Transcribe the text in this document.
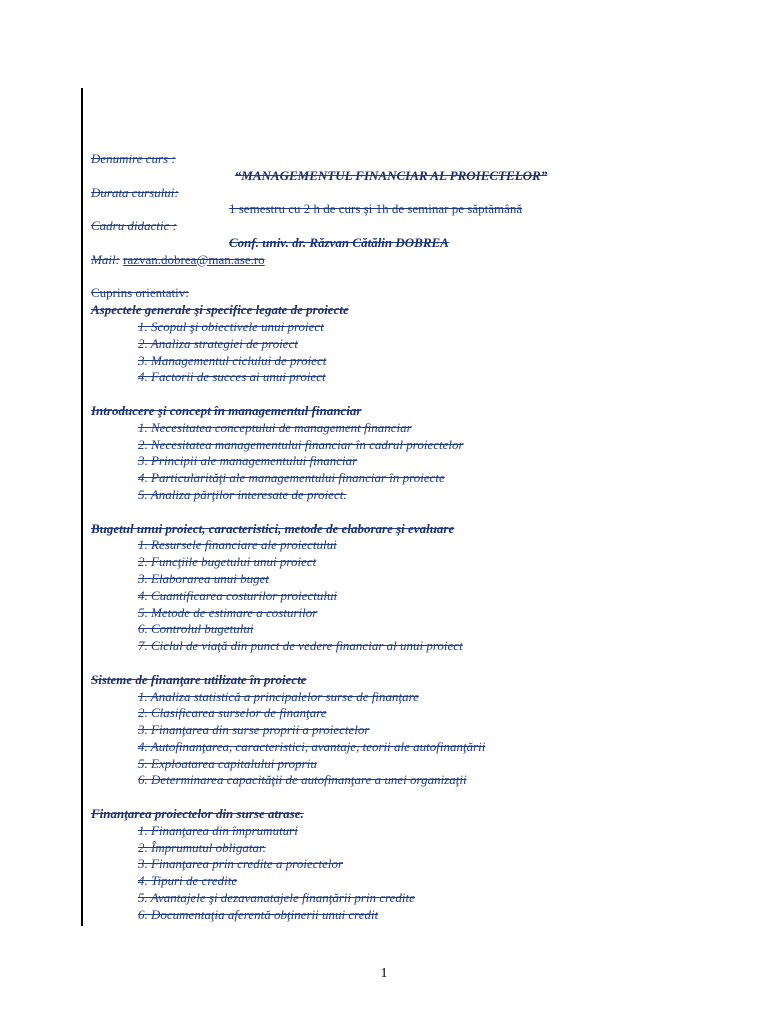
Denumire curs :
“MANAGEMENTUL FINANCIAR AL PROIECTELOR”
Durata cursului:
1 semestru cu 2 h de curs şi 1h de seminar pe săptămână
Cadru didactic :
Conf. univ. dr. Răzvan Cătălin DOBREA
Mail: razvan.dobrea@man.ase.ro
Cuprins orientativ:
Aspectele generale şi specifice legate de proiecte
1. Scopul şi obiectivele unui proiect
2. Analiza strategiei de proiect
3. Managementul ciclului de proiect
4. Factorii de succes ai unui proiect
Introducere şi concept în managementul financiar
1. Necesitatea conceptului de management financiar
2. Necesitatea managementului financiar în cadrul proiectelor
3. Principii ale managementului financiar
4. Particularităţi ale managementului financiar în proiecte
5. Analiza părţilor interesate de proiect.
Bugetul unui proiect, caracteristici, metode de elaborare şi evaluare
1. Resursele financiare ale proiectului
2. Funcţiile bugetului unui proiect
3. Elaborarea unui buget
4. Cuantificarea costurilor proiectului
5. Metode de estimare a costurilor
6. Controlul bugetului
7. Ciclul de viaţă din punct de vedere financiar al unui proiect
Sisteme de finanţare utilizate în proiecte
1. Analiza statistică a principalelor surse de finanţare
2. Clasificarea surselor de finanţare
3. Finanţarea din surse proprii a proiectelor
4. Autofinanţarea, caracteristici, avantaje, teorii ale autofinanţării
5. Exploatarea capitalului propriu
6. Determinarea capacităţii de autofinanţare a unei organizaţii
Finanţarea proiectelor din surse atrase.
1. Finanţarea din împrumuturi
2. Împrumutul obligatar.
3. Finanţarea prin credite a proiectelor
4. Tipuri de credite
5. Avantajele şi dezavanatajele finanţării prin credite
6. Documentaţia aferentă obţinerii unui credit
1
